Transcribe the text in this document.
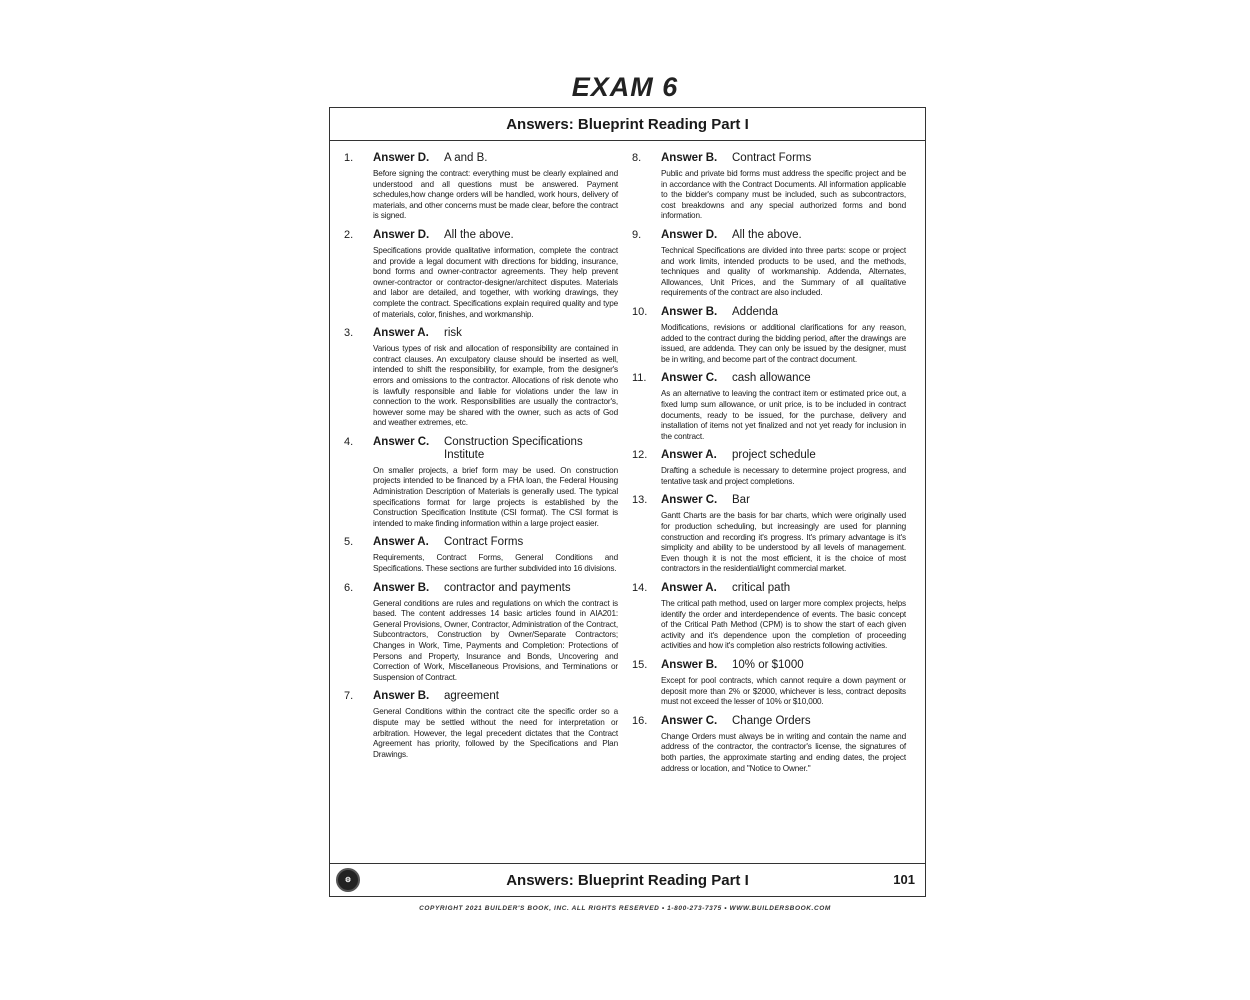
EXAM 6
Answers: Blueprint Reading Part I
1. Answer D.	A and B.
Before signing the contract: everything must be clearly explained and understood and all questions must be answered. Payment schedules,how change orders will be handled, work hours, delivery of materials, and other concerns must be made clear, before the contract is signed.
2. Answer D.	All the above.
Specifications provide qualitative information, complete the contract and provide a legal document with directions for bidding, insurance, bond forms and owner-contractor agreements. They help prevent owner-contractor or contractor-designer/architect disputes. Materials and labor are detailed, and together, with working drawings, they complete the contract. Specifications explain required quality and type of materials, color, finishes, and workmanship.
3. Answer A.	risk
Various types of risk and allocation of responsibility are contained in contract clauses. An exculpatory clause should be inserted as well, intended to shift the responsibility, for example, from the designer's errors and omissions to the contractor. Allocations of risk denote who is lawfully responsible and liable for violations under the law in connection to the work. Responsibilities are usually the contractor's, however some may be shared with the owner, such as acts of God and weather extremes, etc.
4. Answer C.	Construction Specifications Institute
On smaller projects, a brief form may be used. On construction projects intended to be financed by a FHA loan, the Federal Housing Administration Description of Materials is generally used. The typical specifications format for large projects is established by the Construction Specification Institute (CSI format). The CSI format is intended to make finding information within a large project easier.
5. Answer A.	Contract Forms
Requirements, Contract Forms, General Conditions and Specifications. These sections are further subdivided into 16 divisions.
6. Answer B.	contractor and payments
General conditions are rules and regulations on which the contract is based. The content addresses 14 basic articles found in AIA201: General Provisions, Owner, Contractor, Administration of the Contract, Subcontractors, Construction by Owner/Separate Contractors; Changes in Work, Time, Payments and Completion: Protections of Persons and Property, Insurance and Bonds, Uncovering and Correction of Work, Miscellaneous Provisions, and Terminations or Suspension of Contract.
7. Answer B.	agreement
General Conditions within the contract cite the specific order so a dispute may be settled without the need for interpretation or arbitration. However, the legal precedent dictates that the Contract Agreement has priority, followed by the Specifications and Plan Drawings.
8. Answer B.	Contract Forms
Public and private bid forms must address the specific project and be in accordance with the Contract Documents. All information applicable to the bidder's company must be included, such as subcontractors, cost breakdowns and any special authorized forms and bond information.
9. Answer D.	All the above.
Technical Specifications are divided into three parts: scope or project and work limits, intended products to be used, and the methods, techniques and quality of workmanship. Addenda, Alternates, Allowances, Unit Prices, and the Summary of all qualitative requirements of the contract are also included.
10. Answer B.	Addenda
Modifications, revisions or additional clarifications for any reason, added to the contract during the bidding period, after the drawings are issued, are addenda. They can only be issued by the designer, must be in writing, and become part of the contract document.
11. Answer C.	cash allowance
As an alternative to leaving the contract item or estimated price out, a fixed lump sum allowance, or unit price, is to be included in contract documents, ready to be issued, for the purchase, delivery and installation of items not yet finalized and not yet ready for inclusion in the contract.
12. Answer A.	project schedule
Drafting a schedule is necessary to determine project progress, and tentative task and project completions.
13. Answer C.	Bar
Gantt Charts are the basis for bar charts, which were originally used for production scheduling, but increasingly are used for planning construction and recording it's progress. It's primary advantage is it's simplicity and ability to be understood by all levels of management. Even though it is not the most efficient, it is the choice of most contractors in the residential/light commercial market.
14. Answer A.	critical path
The critical path method, used on larger more complex projects, helps identify the order and interdependence of events. The basic concept of the Critical Path Method (CPM) is to show the start of each given activity and it's dependence upon the completion of proceeding activities and how it's completion also restricts following activities.
15. Answer B.	10% or $1000
Except for pool contracts, which cannot require a down payment or deposit more than 2% or $2000, whichever is less, contract deposits must not exceed the lesser of 10% or $10,000.
16. Answer C.	Change Orders
Change Orders must always be in writing and contain the name and address of the contractor, the contractor's license, the signatures of both parties, the approximate starting and ending dates, the project address or location, and "Notice to Owner."
⚙	Answers: Blueprint Reading Part I	101
COPYRIGHT 2021 BUILDER'S BOOK, INC. ALL RIGHTS RESERVED • 1-800-273-7375 • WWW.BUILDERSBOOK.COM
